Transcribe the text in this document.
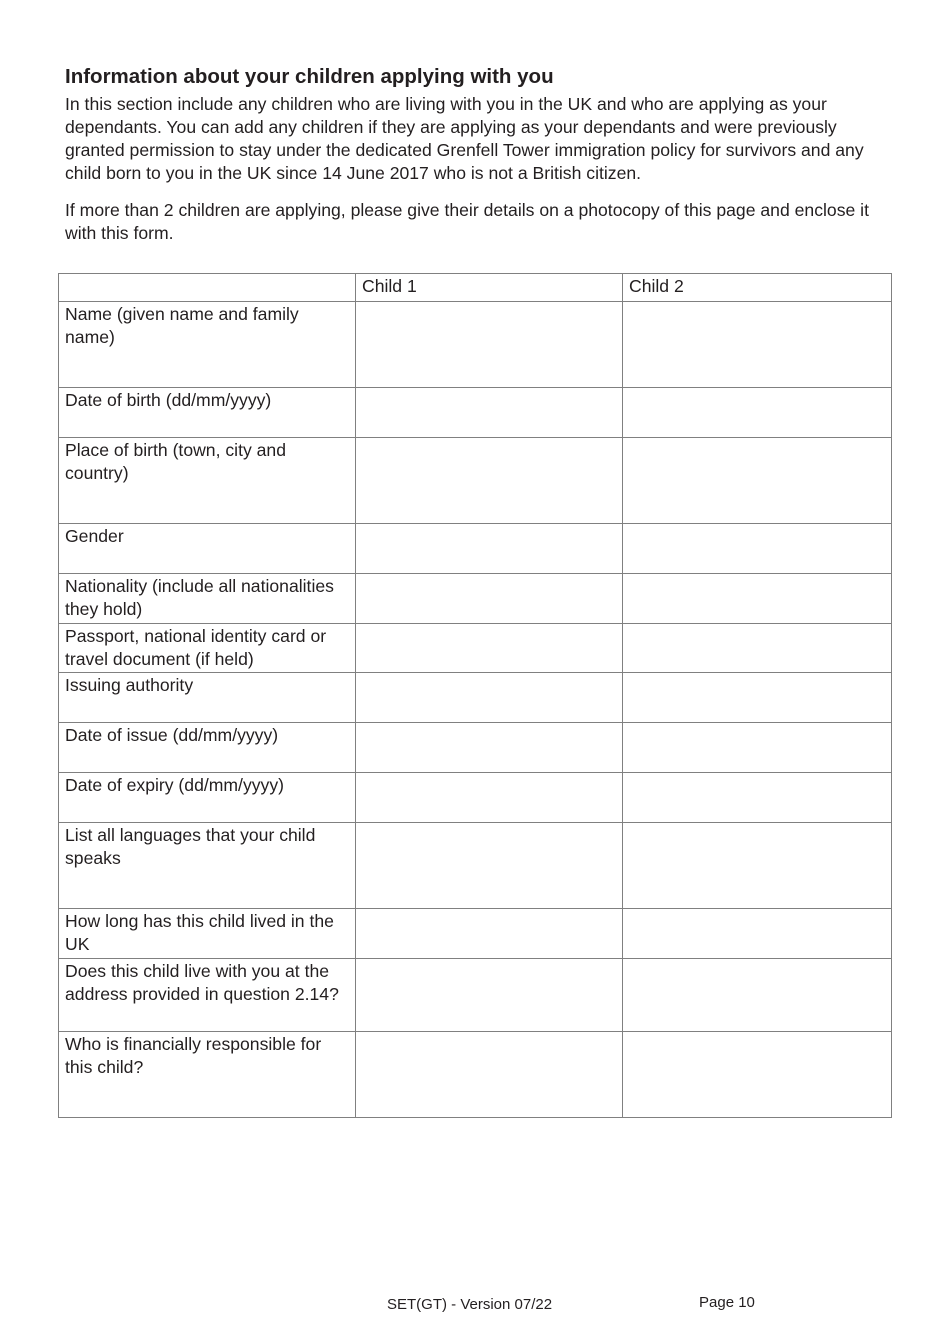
Information about your children applying with you

In this section include any children who are living with you in the UK and who are applying as your dependants. You can add any children if they are applying as your dependants and were previously granted permission to stay under the dedicated Grenfell Tower immigration policy for survivors and any child born to you in the UK since 14 June 2017 who is not a British citizen.

If more than 2 children are applying, please give their details on a photocopy of this page and enclose it with this form.

	Child 1	Child 2
Name (given name and family name)	

Date of birth (dd/mm/yyyy)	

Place of birth (town, city and country)	

Gender	

Nationality (include all nationalities they hold)	

Passport, national identity card or travel document (if held)	

Issuing authority	

Date of issue (dd/mm/yyyy)	

Date of expiry (dd/mm/yyyy)	

List all languages that your child speaks	

How long has this child lived in the UK	

Does this child live with you at the address provided in question 2.14?	

Who is financially responsible for this child?	

SET(GT) - Version 07/22	Page 10
